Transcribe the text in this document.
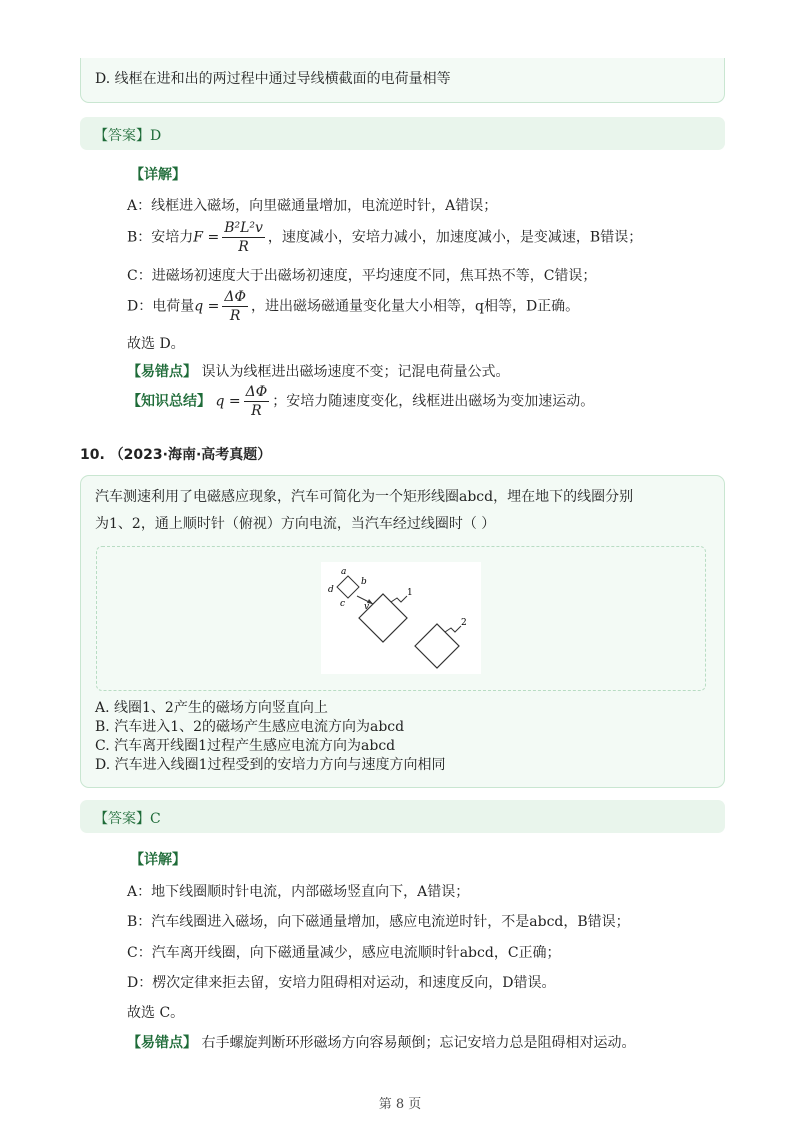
D. 线框在进和出的两过程中通过导线横截面的电荷量相等
【答案】D
【详解】
A：线框进入磁场，向里磁通量增加，电流逆时针，A错误；
B：安培力$F = \frac{\text{B²L²v}}{R}$ ，速度减小，安培力减小，加速度减小，是变减速，B错误；
C：进磁场初速度大于出磁场初速度，平均速度不同，焦耳热不等，C错误；
D：电荷量$q = \frac{\Delta\Phi}{R}$ ，进出磁场磁通量变化量大小相等，q相等，D正确。
故选 D。
【易错点】 误认为线框进出磁场速度不变；记混电荷量公式。
【知识总结】 $q = \frac{\Delta\Phi}{R}$ ；安培力随速度变化，线框进出磁场为变加速运动。
10. （2023·海南·高考真题）
汽车测速利用了电磁感应现象，汽车可简化为一个矩形线圈abcd，埋在地下的线圈分别
为1、2，通上顺时针（俯视）方向电流，当汽车经过线圈时（ ）
a
b
d
c v
1
2
A. 线圈1、2产生的磁场方向竖直向上
B. 汽车进入1、2的磁场产生感应电流方向为abcd
C. 汽车离开线圈1过程产生感应电流方向为abcd
D. 汽车进入线圈1过程受到的安培力方向与速度方向相同
【答案】C
【详解】
A：地下线圈顺时针电流，内部磁场竖直向下，A错误；
B：汽车线圈进入磁场，向下磁通量增加，感应电流逆时针，不是abcd，B错误；
C：汽车离开线圈，向下磁通量减少，感应电流顺时针abcd，C正确；
D：楞次定律来拒去留，安培力阻碍相对运动，和速度反向，D错误。
故选 C。
【易错点】 右手螺旋判断环形磁场方向容易颠倒；忘记安培力总是阻碍相对运动。
第 8 页
